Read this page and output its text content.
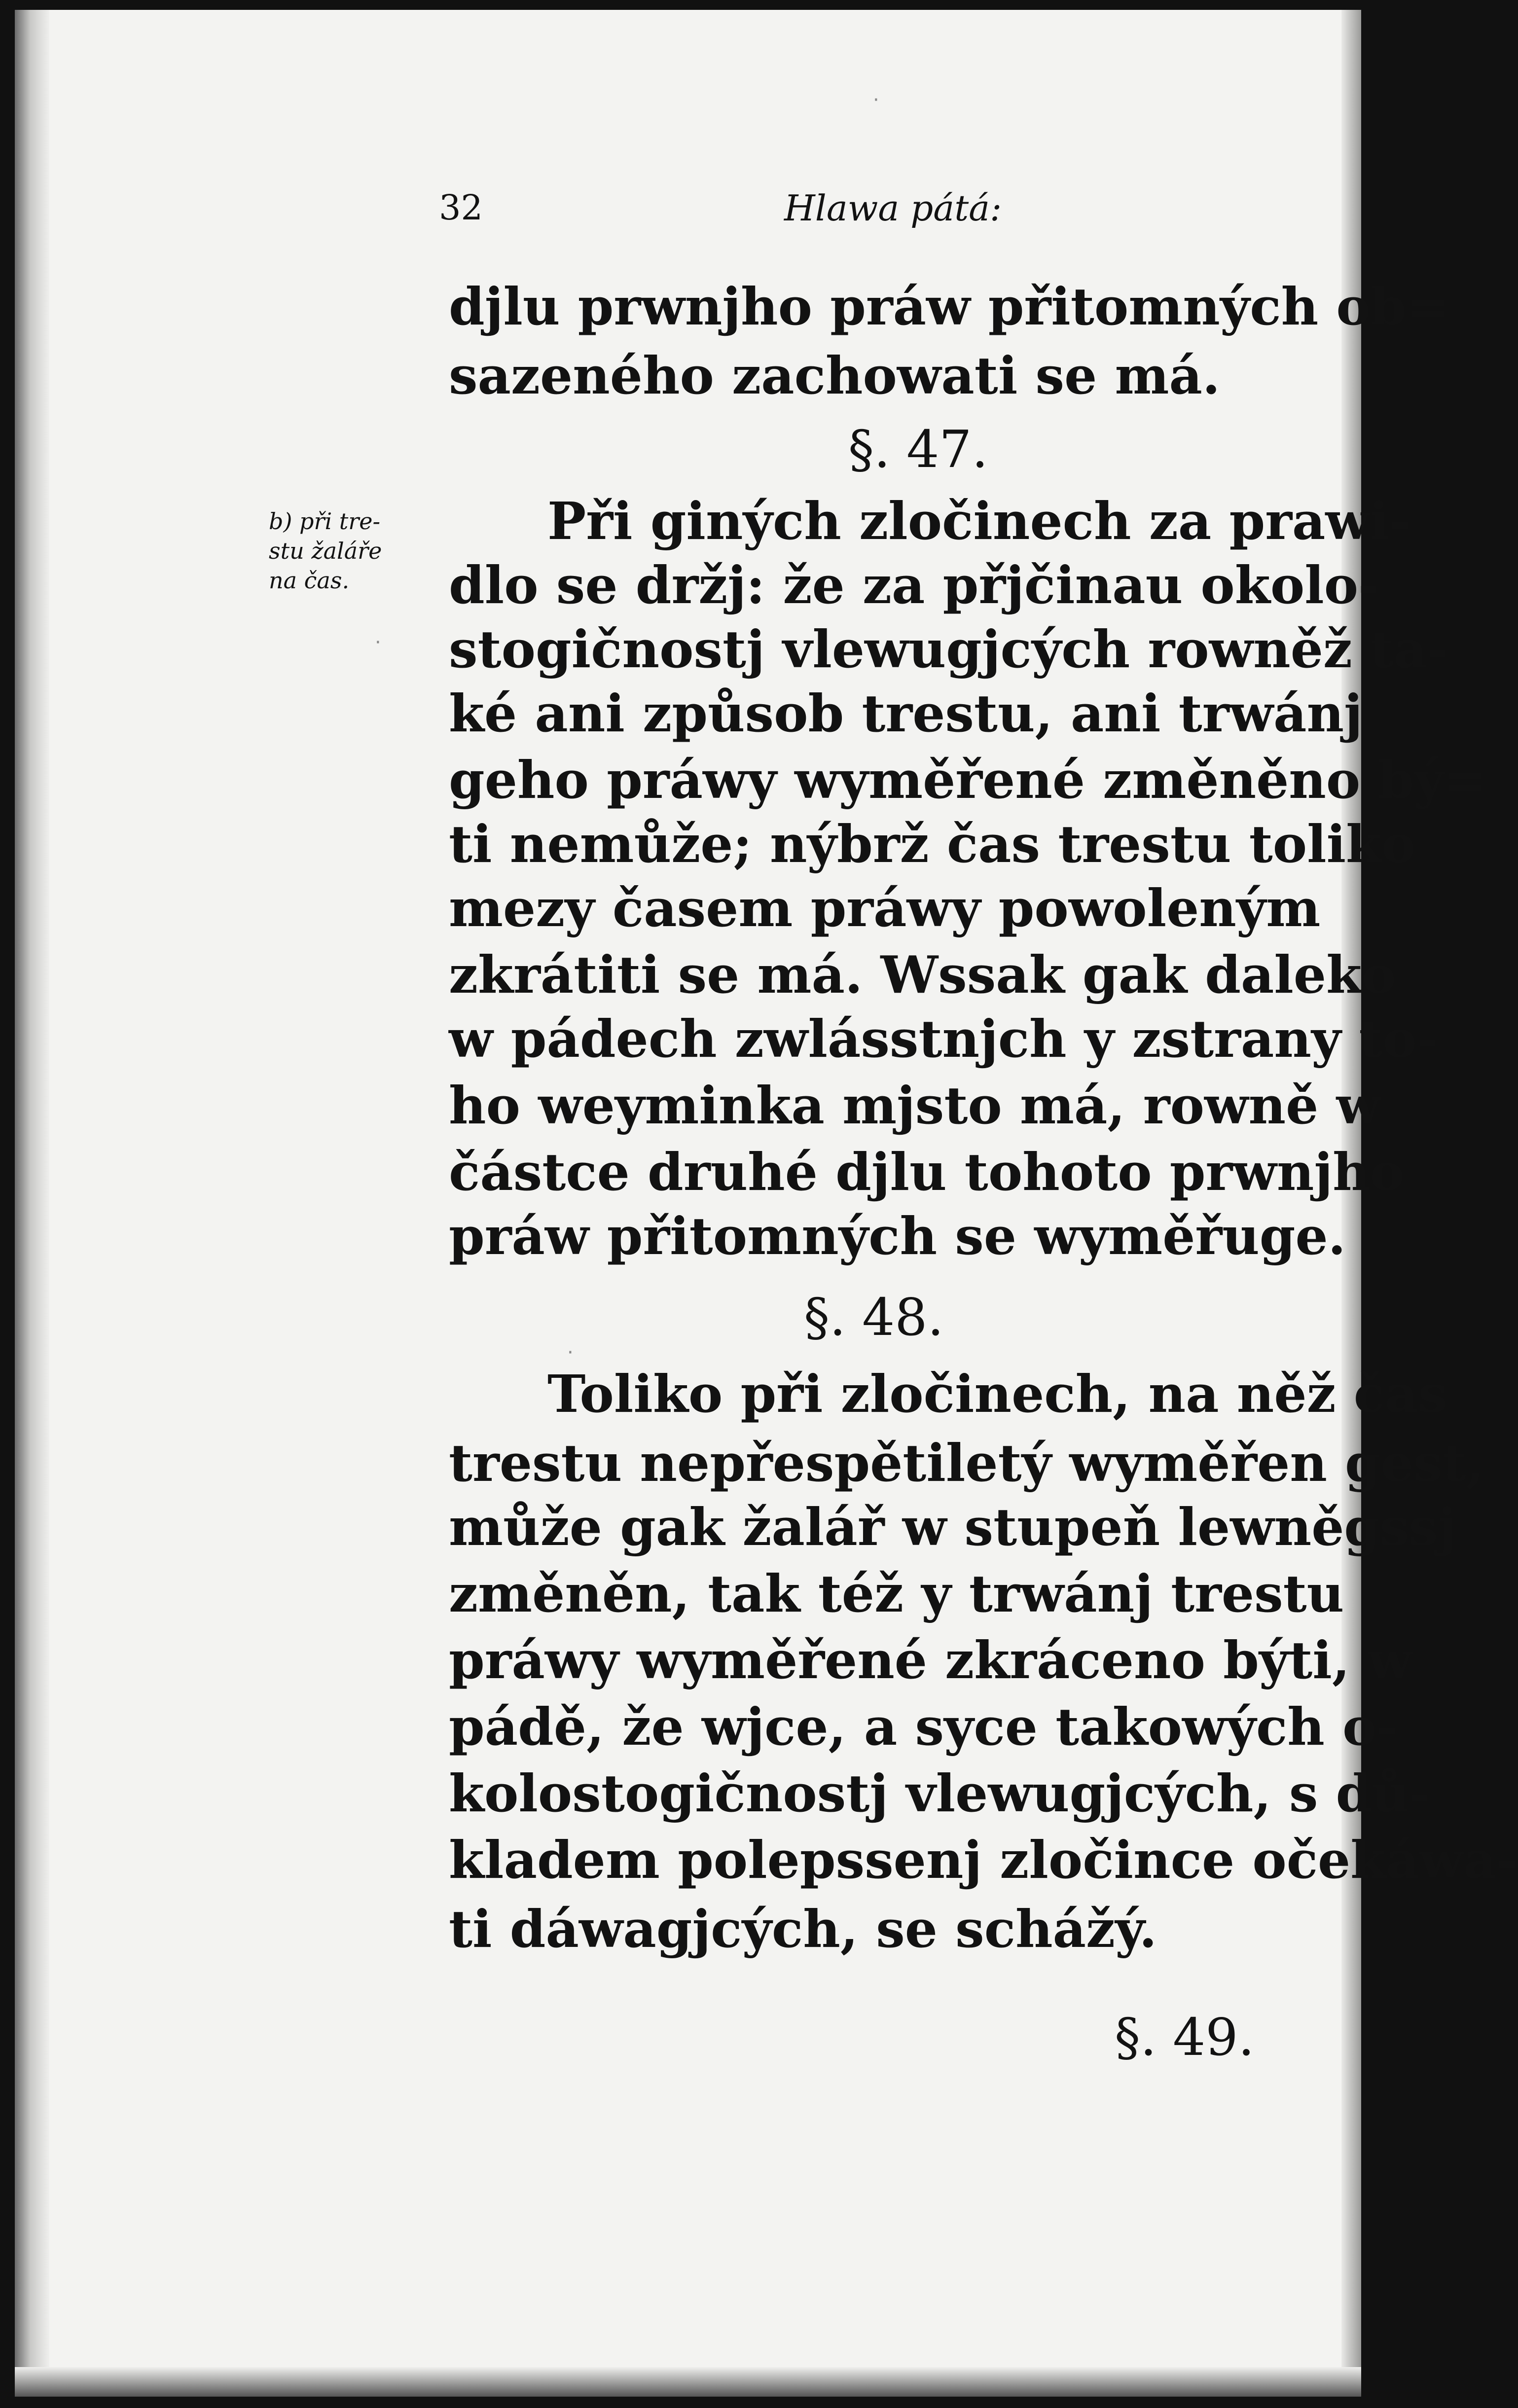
32	Hlawa pátá:

b) při tre-

stu žaláře

na čas.

djlu prwnjho práw přitomných ob=

sazeného zachowati se má.

§. 47.

Při giných zločinech za prawi-

dlo se držj: že za přjčinau okolo-

stogičnostj vlewugjcých rowněž ta-

ké ani způsob trestu, ani trwánj

geho práwy wyměřené změněno bý=

ti nemůže; nýbrž čas trestu toliko

mezy časem práwy powoleným

zkrátiti se má. Wssak gak daleko

w pádech zwlásstnjch y zstrany to-

ho weyminka mjsto má, rowně w

částce druhé djlu tohoto prwnjho

práw přitomných se wyměřuge.

§. 48.

Toliko při zločinech, na něž čas

trestu nepřespětiletý wyměřen gest,

může gak žalář w stupeň lewněgssj

změněn, tak též y trwánj trestu

práwy wyměřené zkráceno býti, w

pádě, že wjce, a syce takowých o-

kolostogičnostj vlewugjcých, s dů-

kladem polepssenj zločince očekáwa-

ti dáwagjcých, se schážý.

§. 49.

·
·
·
